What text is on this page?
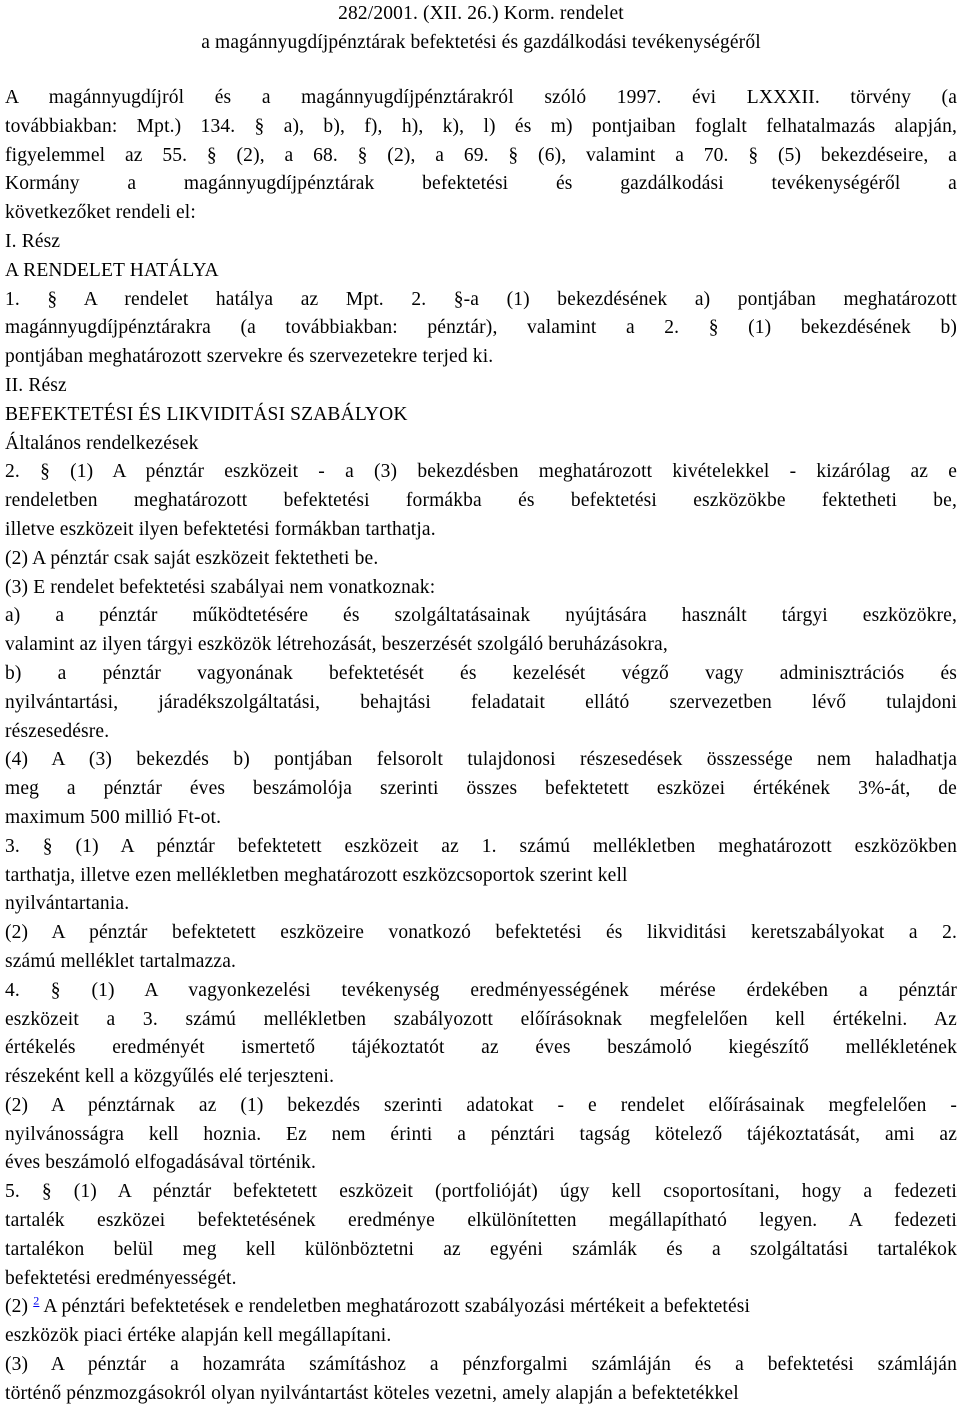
282/2001. (XII. 26.) Korm. rendelet
a magánnyugdíjpénztárak befektetési és gazdálkodási tevékenységéről
A magánnyugdíjról és a magánnyugdíjpénztárakról szóló 1997. évi LXXXII. törvény (a
továbbiakban: Mpt.) 134. § a), b), f), h), k), l) és m) pontjaiban foglalt felhatalmazás alapján,
figyelemmel az 55. § (2), a 68. § (2), a 69. § (6), valamint a 70. § (5) bekezdéseire, a
Kormány a magánnyugdíjpénztárak befektetési és gazdálkodási tevékenységéről a
következőket rendeli el:
I. Rész
A RENDELET HATÁLYA
1. § A rendelet hatálya az Mpt. 2. §-a (1) bekezdésének a) pontjában meghatározott
magánnyugdíjpénztárakra (a továbbiakban: pénztár), valamint a 2. § (1) bekezdésének b)
pontjában meghatározott szervekre és szervezetekre terjed ki.
II. Rész
BEFEKTETÉSI ÉS LIKVIDITÁSI SZABÁLYOK
Általános rendelkezések
2. § (1) A pénztár eszközeit - a (3) bekezdésben meghatározott kivételekkel - kizárólag az e
rendeletben meghatározott befektetési formákba és befektetési eszközökbe fektetheti be,
illetve eszközeit ilyen befektetési formákban tarthatja.
(2) A pénztár csak saját eszközeit fektetheti be.
(3) E rendelet befektetési szabályai nem vonatkoznak:
a) a pénztár működtetésére és szolgáltatásainak nyújtására használt tárgyi eszközökre,
valamint az ilyen tárgyi eszközök létrehozását, beszerzését szolgáló beruházásokra,
b) a pénztár vagyonának befektetését és kezelését végző vagy adminisztrációs és
nyilvántartási, járadékszolgáltatási, behajtási feladatait ellátó szervezetben lévő tulajdoni
részesedésre.
(4) A (3) bekezdés b) pontjában felsorolt tulajdonosi részesedések összessége nem haladhatja
meg a pénztár éves beszámolója szerinti összes befektetett eszközei értékének 3%-át, de
maximum 500 millió Ft-ot.
3. § (1) A pénztár befektetett eszközeit az 1. számú mellékletben meghatározott eszközökben
tarthatja, illetve ezen mellékletben meghatározott eszközcsoportok szerint kell
nyilvántartania.
(2) A pénztár befektetett eszközeire vonatkozó befektetési és likviditási keretszabályokat a 2.
számú melléklet tartalmazza.
4. § (1) A vagyonkezelési tevékenység eredményességének mérése érdekében a pénztár
eszközeit a 3. számú mellékletben szabályozott előírásoknak megfelelően kell értékelni. Az
értékelés eredményét ismertető tájékoztatót az éves beszámoló kiegészítő mellékletének
részeként kell a közgyűlés elé terjeszteni.
(2) A pénztárnak az (1) bekezdés szerinti adatokat - e rendelet előírásainak megfelelően -
nyilvánosságra kell hoznia. Ez nem érinti a pénztári tagság kötelező tájékoztatását, ami az
éves beszámoló elfogadásával történik.
5. § (1) A pénztár befektetett eszközeit (portfolióját) úgy kell csoportosítani, hogy a fedezeti
tartalék eszközei befektetésének eredménye elkülönítetten megállapítható legyen. A fedezeti
tartalékon belül meg kell különböztetni az egyéni számlák és a szolgáltatási tartalékok
befektetési eredményességét.
(2) $^2$ A pénztári befektetések e rendeletben meghatározott szabályozási mértékeit a befektetési
eszközök piaci értéke alapján kell megállapítani.
(3) A pénztár a hozamráta számításhoz a pénzforgalmi számláján és a befektetési számláján
történő pénzmozgásokról olyan nyilvántartást köteles vezetni, amely alapján a befektetékkel
